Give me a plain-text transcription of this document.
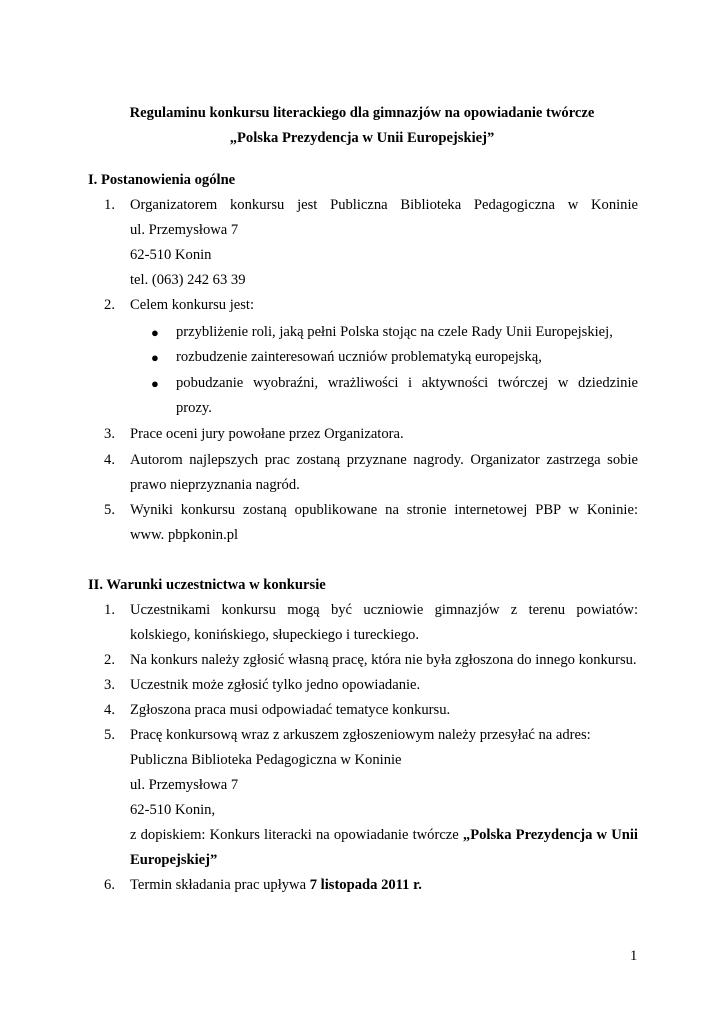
Regulaminu konkursu literackiego dla gimnazjów na opowiadanie twórcze
„Polska Prezydencja w Unii Europejskiej”
I. Postanowienia ogólne
1. Organizatorem konkursu jest Publiczna Biblioteka Pedagogiczna w Koninie
ul. Przemysłowa 7
62-510 Konin
tel. (063) 242 63 39
2. Celem konkursu jest:
● przybliżenie roli, jaką pełni Polska stojąc na czele Rady Unii Europejskiej,
● rozbudzenie zainteresowań uczniów problematyką europejską,
● pobudzanie wyobraźni, wrażliwości i aktywności twórczej w dziedzinie
prozy.
3. Prace oceni jury powołane przez Organizatora.
4. Autorom najlepszych prac zostaną przyznane nagrody. Organizator zastrzega sobie
prawo nieprzyznania nagród.
5. Wyniki konkursu zostaną opublikowane na stronie internetowej PBP w Koninie:
www. pbpkonin.pl
II. Warunki uczestnictwa w konkursie
1. Uczestnikami konkursu mogą być uczniowie gimnazjów z terenu powiatów:
kolskiego, konińskiego, słupeckiego i tureckiego.
2. Na konkurs należy zgłosić własną pracę, która nie była zgłoszona do innego konkursu.
3. Uczestnik może zgłosić tylko jedno opowiadanie.
4. Zgłoszona praca musi odpowiadać tematyce konkursu.
5. Pracę konkursową wraz z arkuszem zgłoszeniowym należy przesyłać na adres:
Publiczna Biblioteka Pedagogiczna w Koninie
ul. Przemysłowa 7
62-510 Konin,
z dopiskiem: Konkurs literacki na opowiadanie twórcze „Polska Prezydencja w Unii
Europejskiej”
6. Termin składania prac upływa 7 listopada 2011 r.
1
